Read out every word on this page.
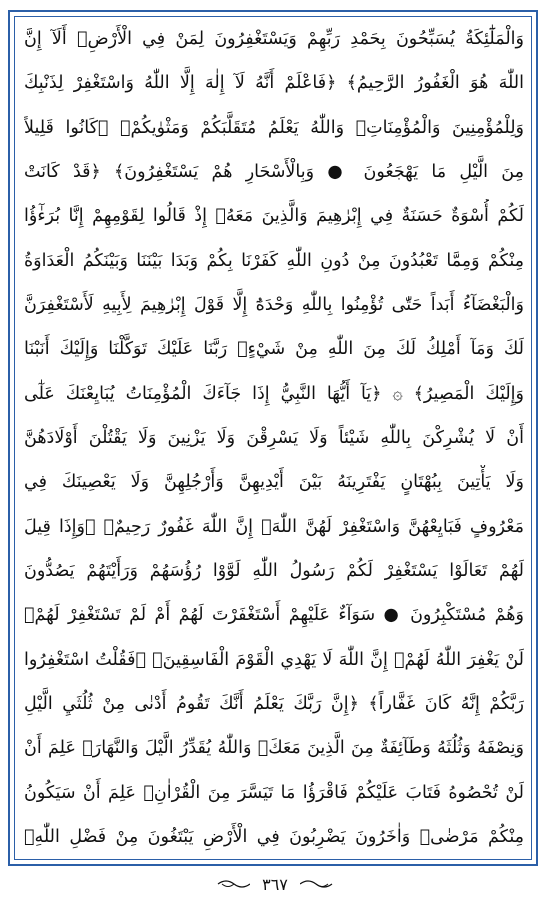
وَالْمَلَٰٓئِكَةُ يُسَبِّحُونَ بِحَمْدِ رَبِّهِمْ وَيَسْتَغْفِرُونَ لِمَنْ فِي الْأَرْضِۗ أَلَآ إِنَّ
اللّٰهَ هُوَ الْغَفُورُ الرَّحِيمُ﴾ ﴿فَاعْلَمْ أَنَّهُ لَآ إِلٰهَ إِلَّا اللّٰهُ وَاسْتَغْفِرْ لِذَنْبِكَ
وَلِلْمُؤْمِنِينَ وَالْمُؤْمِنَاتِۗ وَاللّٰهُ يَعْلَمُ مُتَقَلَّبَكُمْ وَمَثْوٰيكُمْ﴾ ﴿كَانُوا قَلِيلاً
مِنَ الَّيْلِ مَا يَهْجَعُونَ ● وَبِالْأَسْحَارِ هُمْ يَسْتَغْفِرُونَ﴾ ﴿قَدْ كَانَتْ
لَكُمْ أُسْوَةٌ حَسَنَةٌ فِي إِبْرٰهِيمَ وَالَّذِينَ مَعَهُۚ إِذْ قَالُوا لِقَوْمِهِمْ إِنَّا بُرَءٰٓؤُا
مِنْكُمْ وَمِمَّا تَعْبُدُونَ مِنْ دُونِ اللّٰهِ كَفَرْنَا بِكُمْ وَبَدَا بَيْنَنَا وَبَيْنَكُمُ الْعَدَاوَةُ
وَالْبَغْضَآءُ أَبَداً حَتّٰى تُؤْمِنُوا بِاللّٰهِ وَحْدَهُٓ إِلَّا قَوْلَ إِبْرٰهِيمَ لِأَبِيهِ لَأَسْتَغْفِرَنَّ
لَكَ وَمَآ أَمْلِكُ لَكَ مِنَ اللّٰهِ مِنْ شَيْءٍۗ رَبَّنَا عَلَيْكَ تَوَكَّلْنَا وَإِلَيْكَ أَنَبْنَا
وَإِلَيْكَ الْمَصِيرُ﴾ ۞ ﴿يَآ أَيُّهَا النَّبِيُّ إِذَا جَآءَكَ الْمُؤْمِنَاتُ يُبَايِعْنَكَ عَلٰٓى
أَنْ لَا يُشْرِكْنَ بِاللّٰهِ شَيْئاً وَلَا يَسْرِقْنَ وَلَا يَزْنِينَ وَلَا يَقْتُلْنَ أَوْلَادَهُنَّ
وَلَا يَأْتِينَ بِبُهْتَانٍ يَفْتَرِينَهُ بَيْنَ أَيْدِيهِنَّ وَأَرْجُلِهِنَّ وَلَا يَعْصِينَكَ فِي
مَعْرُوفٍ فَبَايِعْهُنَّ وَاسْتَغْفِرْ لَهُنَّ اللّٰهَۗ إِنَّ اللّٰهَ غَفُورٌ رَحِيمٌ﴾ ﴿وَإِذَا قِيلَ
لَهُمْ تَعَالَوْا يَسْتَغْفِرْ لَكُمْ رَسُولُ اللّٰهِ لَوَّوْا رُؤُسَهُمْ وَرَأَيْتَهُمْ يَصُدُّونَ
وَهُمْ مُسْتَكْبِرُونَ ● سَوَآءٌ عَلَيْهِمْ أَسْتَغْفَرْتَ لَهُمْ أَمْ لَمْ تَسْتَغْفِرْ لَهُمْۗ
لَنْ يَغْفِرَ اللّٰهُ لَهُمْۗ إِنَّ اللّٰهَ لَا يَهْدِي الْقَوْمَ الْفَاسِقِينَ﴾ ﴿فَقُلْتُ اسْتَغْفِرُوا
رَبَّكُمْ إِنَّهُ كَانَ غَفَّاراً﴾ ﴿إِنَّ رَبَّكَ يَعْلَمُ أَنَّكَ تَقُومُ أَدْنٰى مِنْ ثُلُثَيِ الَّيْلِ
وَنِصْفَهُ وَثُلُثَهُ وَطَآئِفَةٌ مِنَ الَّذِينَ مَعَكَۗ وَاللّٰهُ يُقَدِّرُ الَّيْلَ وَالنَّهَارَۗ عَلِمَ أَنْ
لَنْ تُحْصُوهُ فَتَابَ عَلَيْكُمْ فَاقْرَؤُا مَا تَيَسَّرَ مِنَ الْقُرْاٰنِۗ عَلِمَ أَنْ سَيَكُونُ
مِنْكُمْ مَرْضٰىۙ وَاٰخَرُونَ يَضْرِبُونَ فِي الْأَرْضِ يَبْتَغُونَ مِنْ فَضْلِ اللّٰهِۙ
٣٦٧
